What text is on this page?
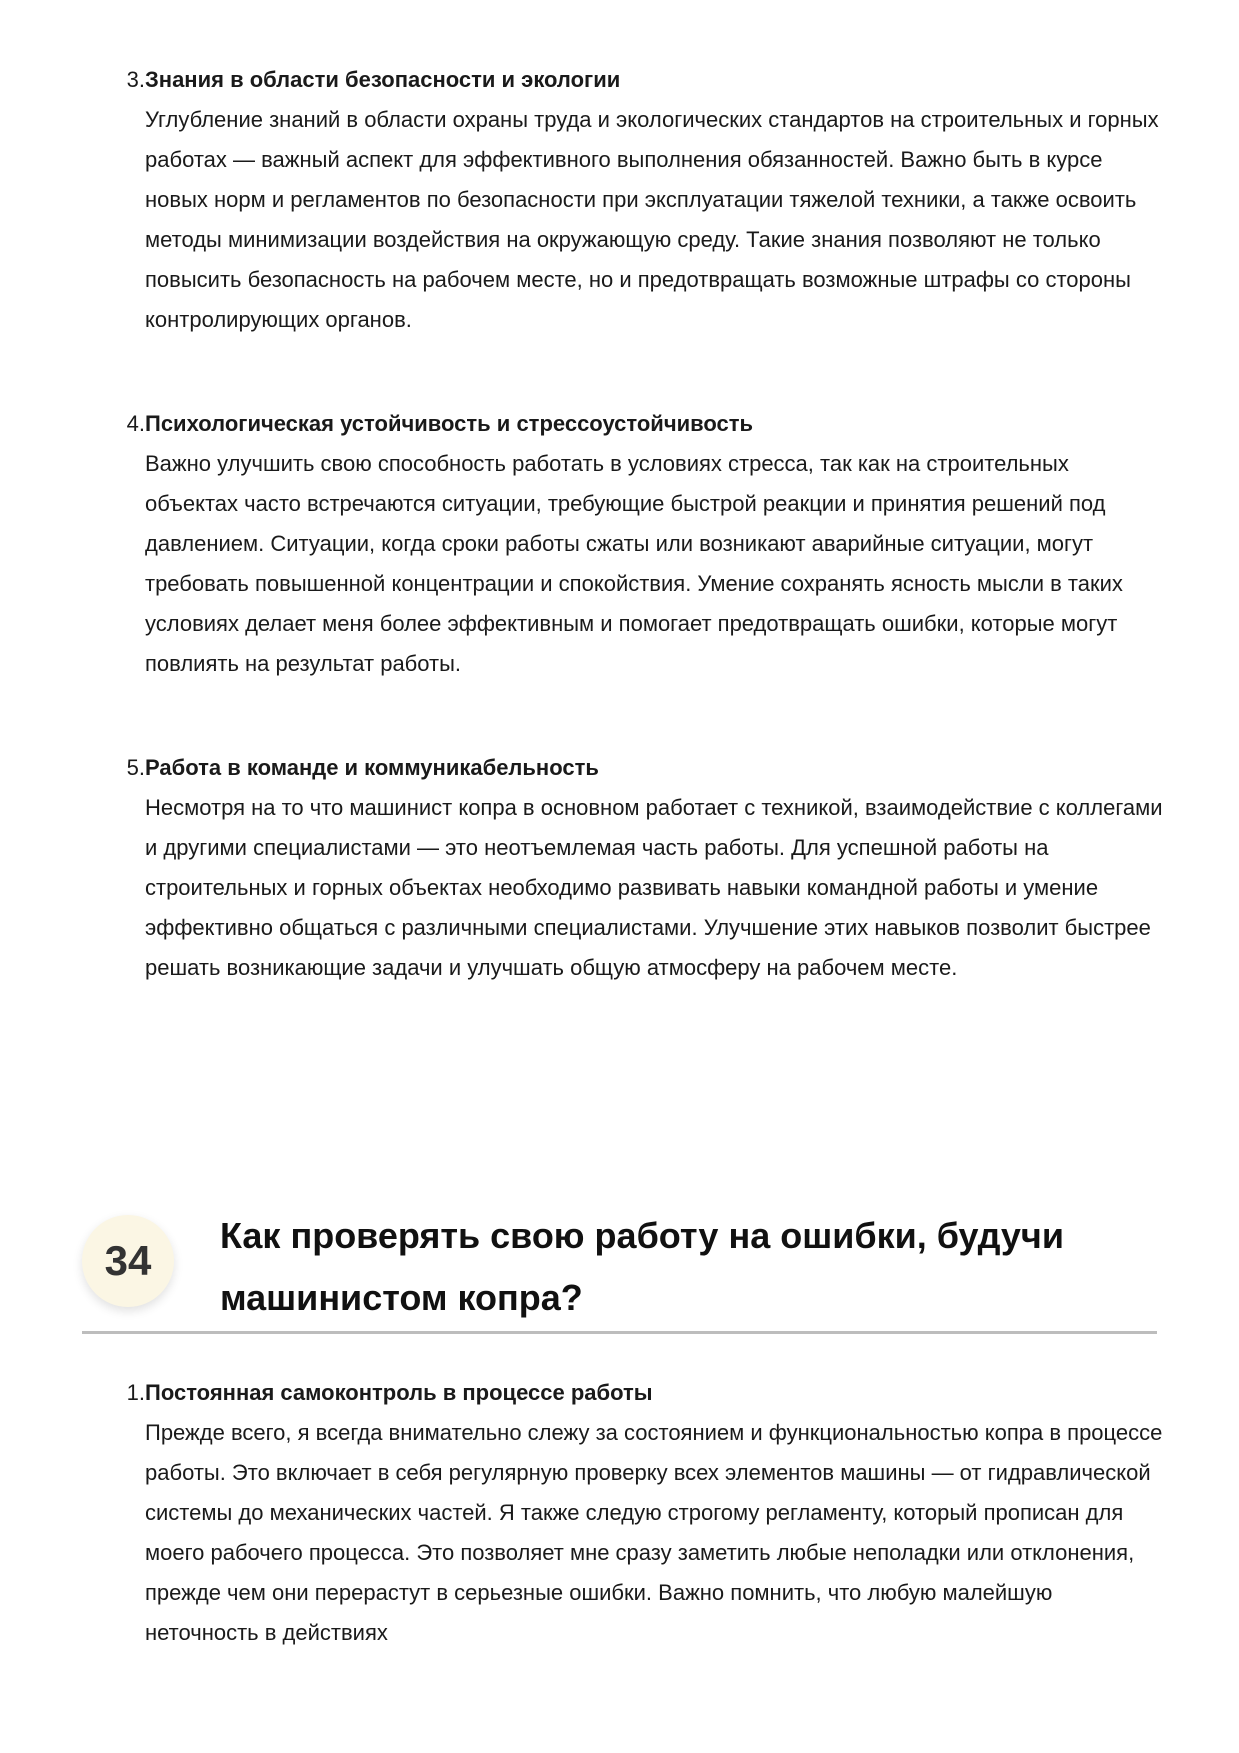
3. Знания в области безопасности и экологии
Углубление знаний в области охраны труда и экологических стандартов на строительных и горных работах — важный аспект для эффективного выполнения обязанностей. Важно быть в курсе новых норм и регламентов по безопасности при эксплуатации тяжелой техники, а также освоить методы минимизации воздействия на окружающую среду. Такие знания позволяют не только повысить безопасность на рабочем месте, но и предотвращать возможные штрафы со стороны контролирующих органов.
4. Психологическая устойчивость и стрессоустойчивость
Важно улучшить свою способность работать в условиях стресса, так как на строительных объектах часто встречаются ситуации, требующие быстрой реакции и принятия решений под давлением. Ситуации, когда сроки работы сжаты или возникают аварийные ситуации, могут требовать повышенной концентрации и спокойствия. Умение сохранять ясность мысли в таких условиях делает меня более эффективным и помогает предотвращать ошибки, которые могут повлиять на результат работы.
5. Работа в команде и коммуникабельность
Несмотря на то что машинист копра в основном работает с техникой, взаимодействие с коллегами и другими специалистами — это неотъемлемая часть работы. Для успешной работы на строительных и горных объектах необходимо развивать навыки командной работы и умение эффективно общаться с различными специалистами. Улучшение этих навыков позволит быстрее решать возникающие задачи и улучшать общую атмосферу на рабочем месте.
34
Как проверять свою работу на ошибки, будучи машинистом копра?
1. Постоянная самоконтроль в процессе работы
Прежде всего, я всегда внимательно слежу за состоянием и функциональностью копра в процессе работы. Это включает в себя регулярную проверку всех элементов машины — от гидравлической системы до механических частей. Я также следую строгому регламенту, который прописан для моего рабочего процесса. Это позволяет мне сразу заметить любые неполадки или отклонения, прежде чем они перерастут в серьезные ошибки. Важно помнить, что любую малейшую неточность в действиях
